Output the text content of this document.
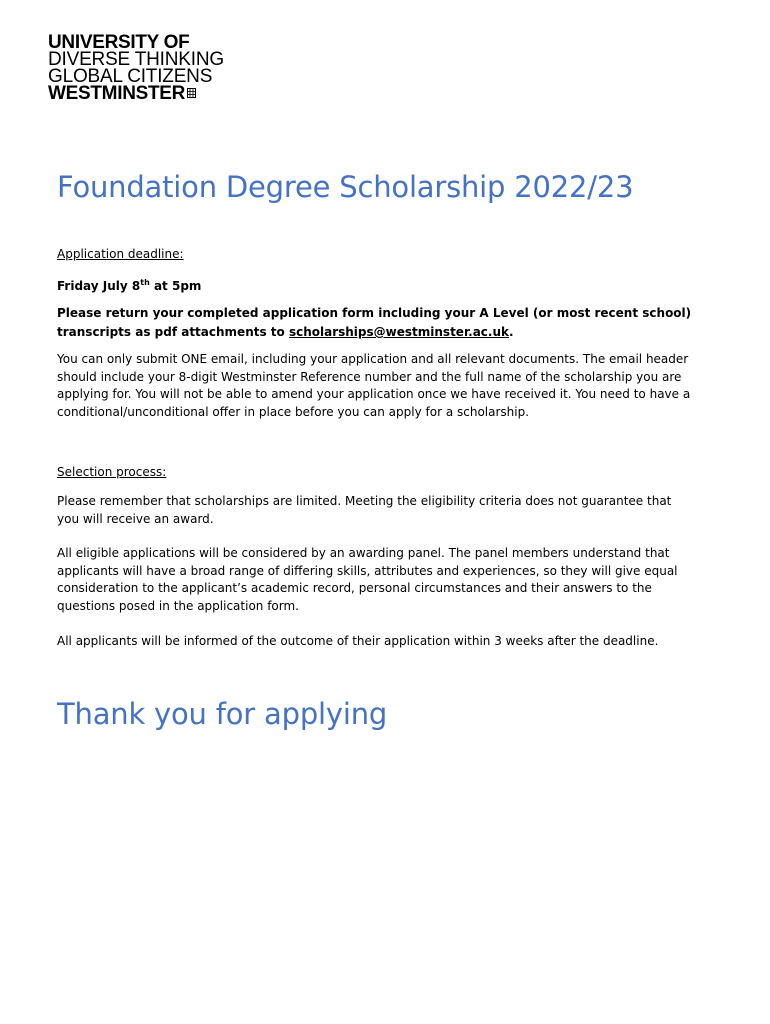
UNIVERSITY OF
DIVERSE THINKING
GLOBAL CITIZENS
WESTMINSTER
Foundation Degree Scholarship 2022/23
Application deadline:
Friday July 8th at 5pm
Please return your completed application form including your A Level (or most recent school) transcripts as pdf attachments to scholarships@westminster.ac.uk.
You can only submit ONE email, including your application and all relevant documents. The email header should include your 8-digit Westminster Reference number and the full name of the scholarship you are applying for. You will not be able to amend your application once we have received it. You need to have a conditional/unconditional offer in place before you can apply for a scholarship.
Selection process:
Please remember that scholarships are limited. Meeting the eligibility criteria does not guarantee that you will receive an award.
All eligible applications will be considered by an awarding panel. The panel members understand that applicants will have a broad range of differing skills, attributes and experiences, so they will give equal consideration to the applicant’s academic record, personal circumstances and their answers to the questions posed in the application form.
All applicants will be informed of the outcome of their application within 3 weeks after the deadline.
Thank you for applying
